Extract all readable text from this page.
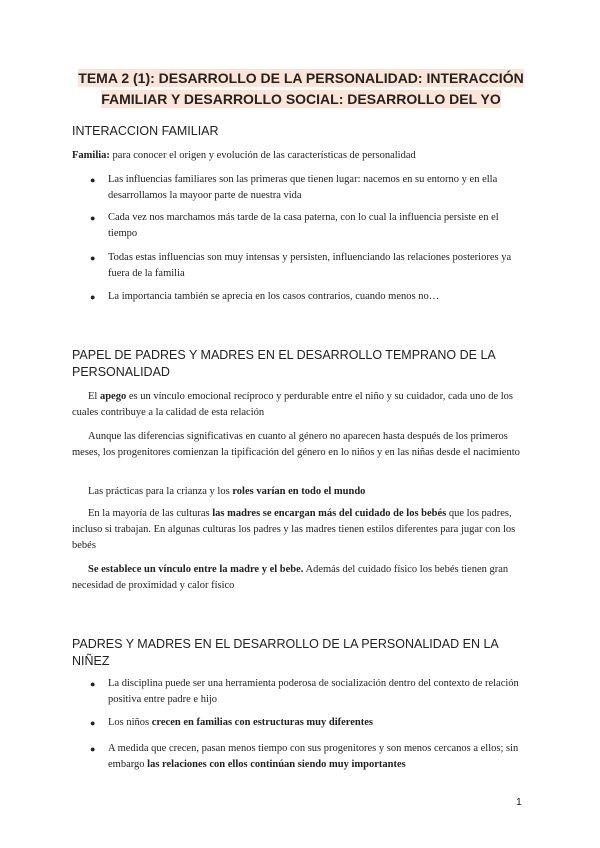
TEMA 2 (1): DESARROLLO DE LA PERSONALIDAD: INTERACCIÓN
FAMILIAR Y DESARROLLO SOCIAL: DESARROLLO DEL YO
INTERACCION FAMILIAR
Familia: para conocer el origen y evolución de las características de personalidad
● Las influencias familiares son las primeras que tienen lugar: nacemos en su entorno y en ella desarrollamos la mayoor parte de nuestra vida
● Cada vez nos marchamos más tarde de la casa paterna, con lo cual la influencia persiste en el tiempo
● Todas estas influencias son muy intensas y persisten, influenciando las relaciones posteriores ya fuera de la familia
● La importancia también se aprecia en los casos contrarios, cuando menos no…
PAPEL DE PADRES Y MADRES EN EL DESARROLLO TEMPRANO DE LA
PERSONALIDAD
El apego es un vínculo emocional recíproco y perdurable entre el niño y su cuidador, cada uno de los cuales contribuye a la calidad de esta relación
Aunque las diferencias significativas en cuanto al género no aparecen hasta después de los primeros meses, los progenitores comienzan la tipificación del género en lo niños y en las niñas desde el nacimiento
Las prácticas para la crianza y los roles varían en todo el mundo
En la mayoría de las culturas las madres se encargan más del cuidado de los bebés que los padres, incluso si trabajan. En algunas culturas los padres y las madres tienen estilos diferentes para jugar con los bebés
Se establece un vínculo entre la madre y el bebe. Además del cuidado físico los bebés tienen gran necesidad de proximidad y calor físico
PADRES Y MADRES EN EL DESARROLLO DE LA PERSONALIDAD EN LA
NIÑEZ
● La disciplina puede ser una herramienta poderosa de socialización dentro del contexto de relación positiva entre padre e hijo
● Los niños crecen en familias con estructuras muy diferentes
● A medida que crecen, pasan menos tiempo con sus progenitores y son menos cercanos a ellos; sin embargo las relaciones con ellos continúan siendo muy importantes
1
